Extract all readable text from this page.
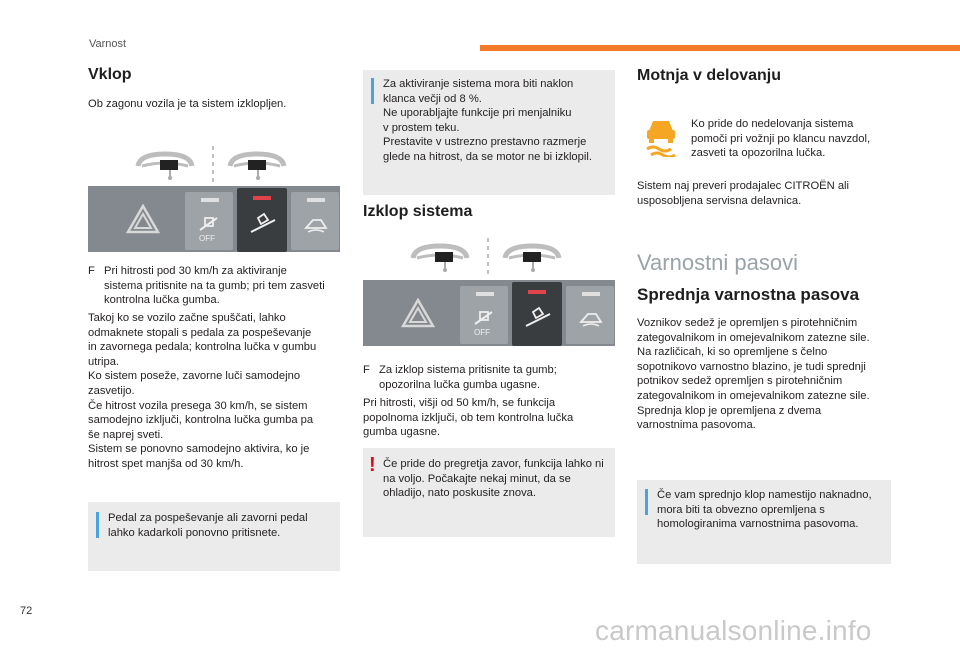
Varnost
Vklop
Ob zagonu vozila je ta sistem izklopljen.
OFF
F Pri hitrosti pod 30 km/h za aktiviranje sistema pritisnite na ta gumb; pri tem zasveti kontrolna lučka gumba.
Takoj ko se vozilo začne spuščati, lahko
odmaknete stopali s pedala za pospeševanje
in zavornega pedala; kontrolna lučka v gumbu
utripa.
Ko sistem poseže, zavorne luči samodejno
zasvetijo.
Če hitrost vozila presega 30 km/h, se sistem
samodejno izključi, kontrolna lučka gumba pa
še naprej sveti.
Sistem se ponovno samodejno aktivira, ko je
hitrost spet manjša od 30 km/h.
Pedal za pospeševanje ali zavorni pedal lahko kadarkoli ponovno pritisnete.
Za aktiviranje sistema mora biti naklon
klanca večji od 8 %.
Ne uporabljajte funkcije pri menjalniku
v prostem teku.
Prestavite v ustrezno prestavno razmerje
glede na hitrost, da se motor ne bi izklopil.
Izklop sistema
OFF
F Za izklop sistema pritisnite ta gumb; opozorilna lučka gumba ugasne.
Pri hitrosti, višji od 50 km/h, se funkcija
popolnoma izključi, ob tem kontrolna lučka
gumba ugasne.
! Če pride do pregretja zavor, funkcija lahko ni na voljo. Počakajte nekaj minut, da se ohladijo, nato poskusite znova.
Motnja v delovanju
Ko pride do nedelovanja sistema pomoči pri vožnji po klancu navzdol, zasveti ta opozorilna lučka.
Sistem naj preveri prodajalec CITROËN ali usposobljena servisna delavnica.
Varnostni pasovi
Sprednja varnostna pasova
Voznikov sedež je opremljen s pirotehničnim
zategovalnikom in omejevalnikom zatezne sile.
Na različicah, ki so opremljene s čelno
sopotnikovo varnostno blazino, je tudi sprednji
potnikov sedež opremljen s pirotehničnim
zategovalnikom in omejevalnikom zatezne sile.
Sprednja klop je opremljena z dvema
varnostnima pasovoma.
Če vam sprednjo klop namestijo naknadno, mora biti ta obvezno opremljena s homologiranima varnostnima pasovoma.
72
carmanualsonline.info
